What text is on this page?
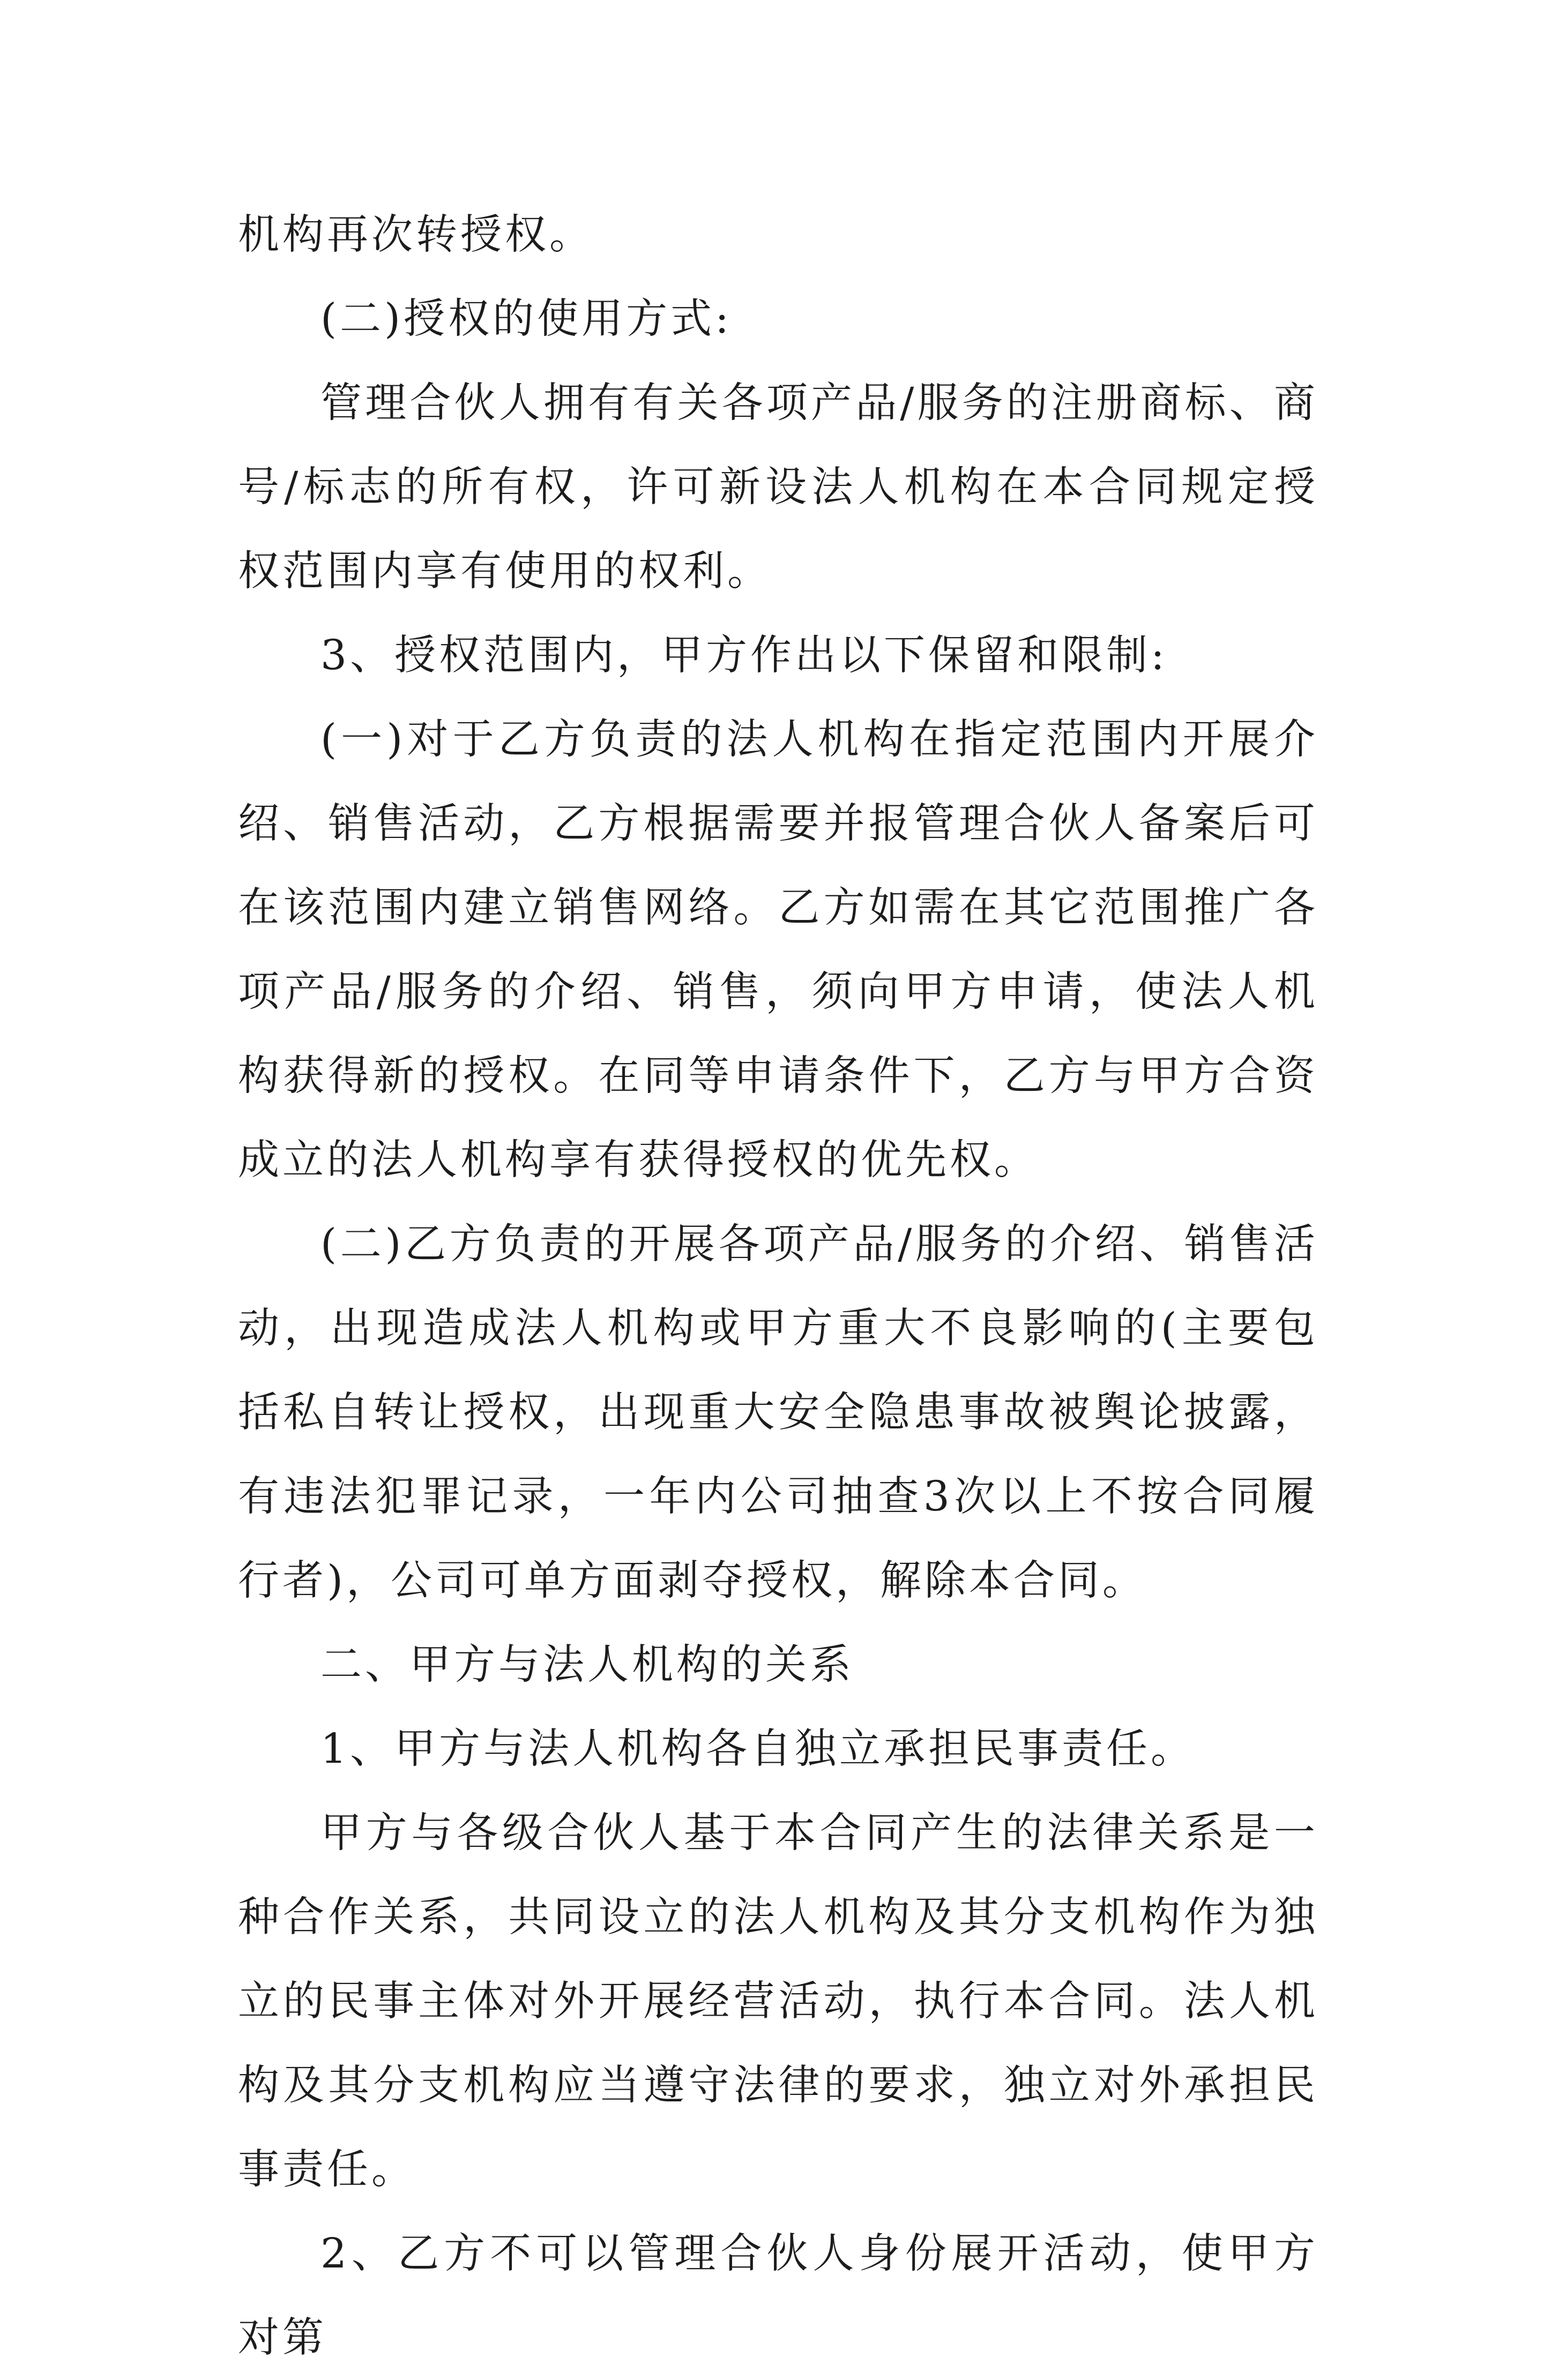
机构再次转授权。

(二)授权的使用方式:

管理合伙人拥有有关各项产品/服务的注册商标、商号/标志的所有权，许可新设法人机构在本合同规定授权范围内享有使用的权利。

3、授权范围内，甲方作出以下保留和限制:

(一)对于乙方负责的法人机构在指定范围内开展介绍、销售活动，乙方根据需要并报管理合伙人备案后可在该范围内建立销售网络。乙方如需在其它范围推广各项产品/服务的介绍、销售，须向甲方申请，使法人机构获得新的授权。在同等申请条件下，乙方与甲方合资成立的法人机构享有获得授权的优先权。

(二)乙方负责的开展各项产品/服务的介绍、销售活动，出现造成法人机构或甲方重大不良影响的(主要包括私自转让授权，出现重大安全隐患事故被舆论披露，有违法犯罪记录，一年内公司抽查3次以上不按合同履行者)，公司可单方面剥夺授权，解除本合同。

二、甲方与法人机构的关系

1、甲方与法人机构各自独立承担民事责任。

甲方与各级合伙人基于本合同产生的法律关系是一种合作关系，共同设立的法人机构及其分支机构作为独立的民事主体对外开展经营活动，执行本合同。法人机构及其分支机构应当遵守法律的要求，独立对外承担民事责任。

2、乙方不可以管理合伙人身份展开活动，使甲方对第
